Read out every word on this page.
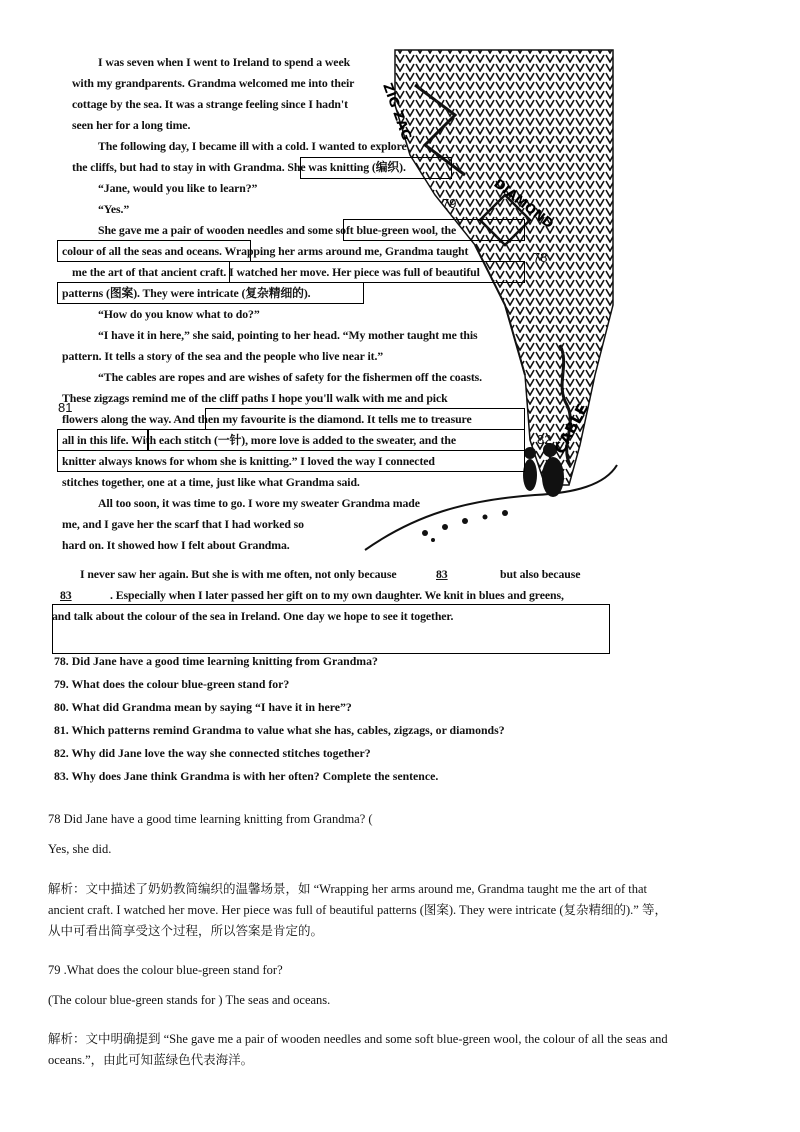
ZIG ZAG
DIAMOND
CABLE
I was seven when I went to Ireland to spend a week
with my grandparents. Grandma welcomed me into their
cottage by the sea. It was a strange feeling since I hadn't
seen her for a long time.
The following day, I became ill with a cold. I wanted to explore
the cliffs, but had to stay in with Grandma. She was knitting (编织).
“Jane, would you like to learn?”
“Yes.”
She gave me a pair of wooden needles and some soft blue-green wool, the
colour of all the seas and oceans. Wrapping her arms around me, Grandma taught
me the art of that ancient craft. I watched her move. Her piece was full of beautiful
patterns (图案). They were intricate (复杂精细的).
“How do you know what to do?”
“I have it in here,” she said, pointing to her head. “My mother taught me this
pattern. It tells a story of the sea and the people who live near it.”
“The cables are ropes and are wishes of safety for the fishermen off the coasts.
These zigzags remind me of the cliff paths I hope you'll walk with me and pick
flowers along the way. And then my favourite is the diamond. It tells me to treasure
all in this life. With each stitch (一针), more love is added to the sweater, and the
knitter always knows for whom she is knitting.” I loved the way I connected
stitches together, one at a time, just like what Grandma said.
All too soon, it was time to go. I wore my sweater Grandma made
me, and I gave her the scarf that I had worked so
hard on. It showed how I felt about Grandma.
I never saw her again. But she is with me often, not only because	83	but also because
83	. Especially when I later passed her gift on to my own daughter. We knit in blues and greens,
and talk about the colour of the sea in Ireland. One day we hope to see it together.
79
78
81
82
78. Did Jane have a good time learning knitting from Grandma?
79. What does the colour blue-green stand for?
80. What did Grandma mean by saying “I have it in here”?
81. Which patterns remind Grandma to value what she has, cables, zigzags, or diamonds?
82. Why did Jane love the way she connected stitches together?
83. Why does Jane think Grandma is with her often? Complete the sentence.
78 Did Jane have a good time learning knitting from Grandma? (
Yes, she did.
解析：文中描述了奶奶教简编织的温馨场景，如 “Wrapping her arms around me, Grandma taught me the art of that
ancient craft. I watched her move. Her piece was full of beautiful patterns (图案). They were intricate (复杂精细的).” 等，
从中可看出简享受这个过程，所以答案是肯定的。
79 .What does the colour blue-green stand for?
(The colour blue-green stands for ) The seas and oceans.
解析：文中明确提到 “She gave me a pair of wooden needles and some soft blue-green wool, the colour of all the seas and
oceans.”，由此可知蓝绿色代表海洋。
